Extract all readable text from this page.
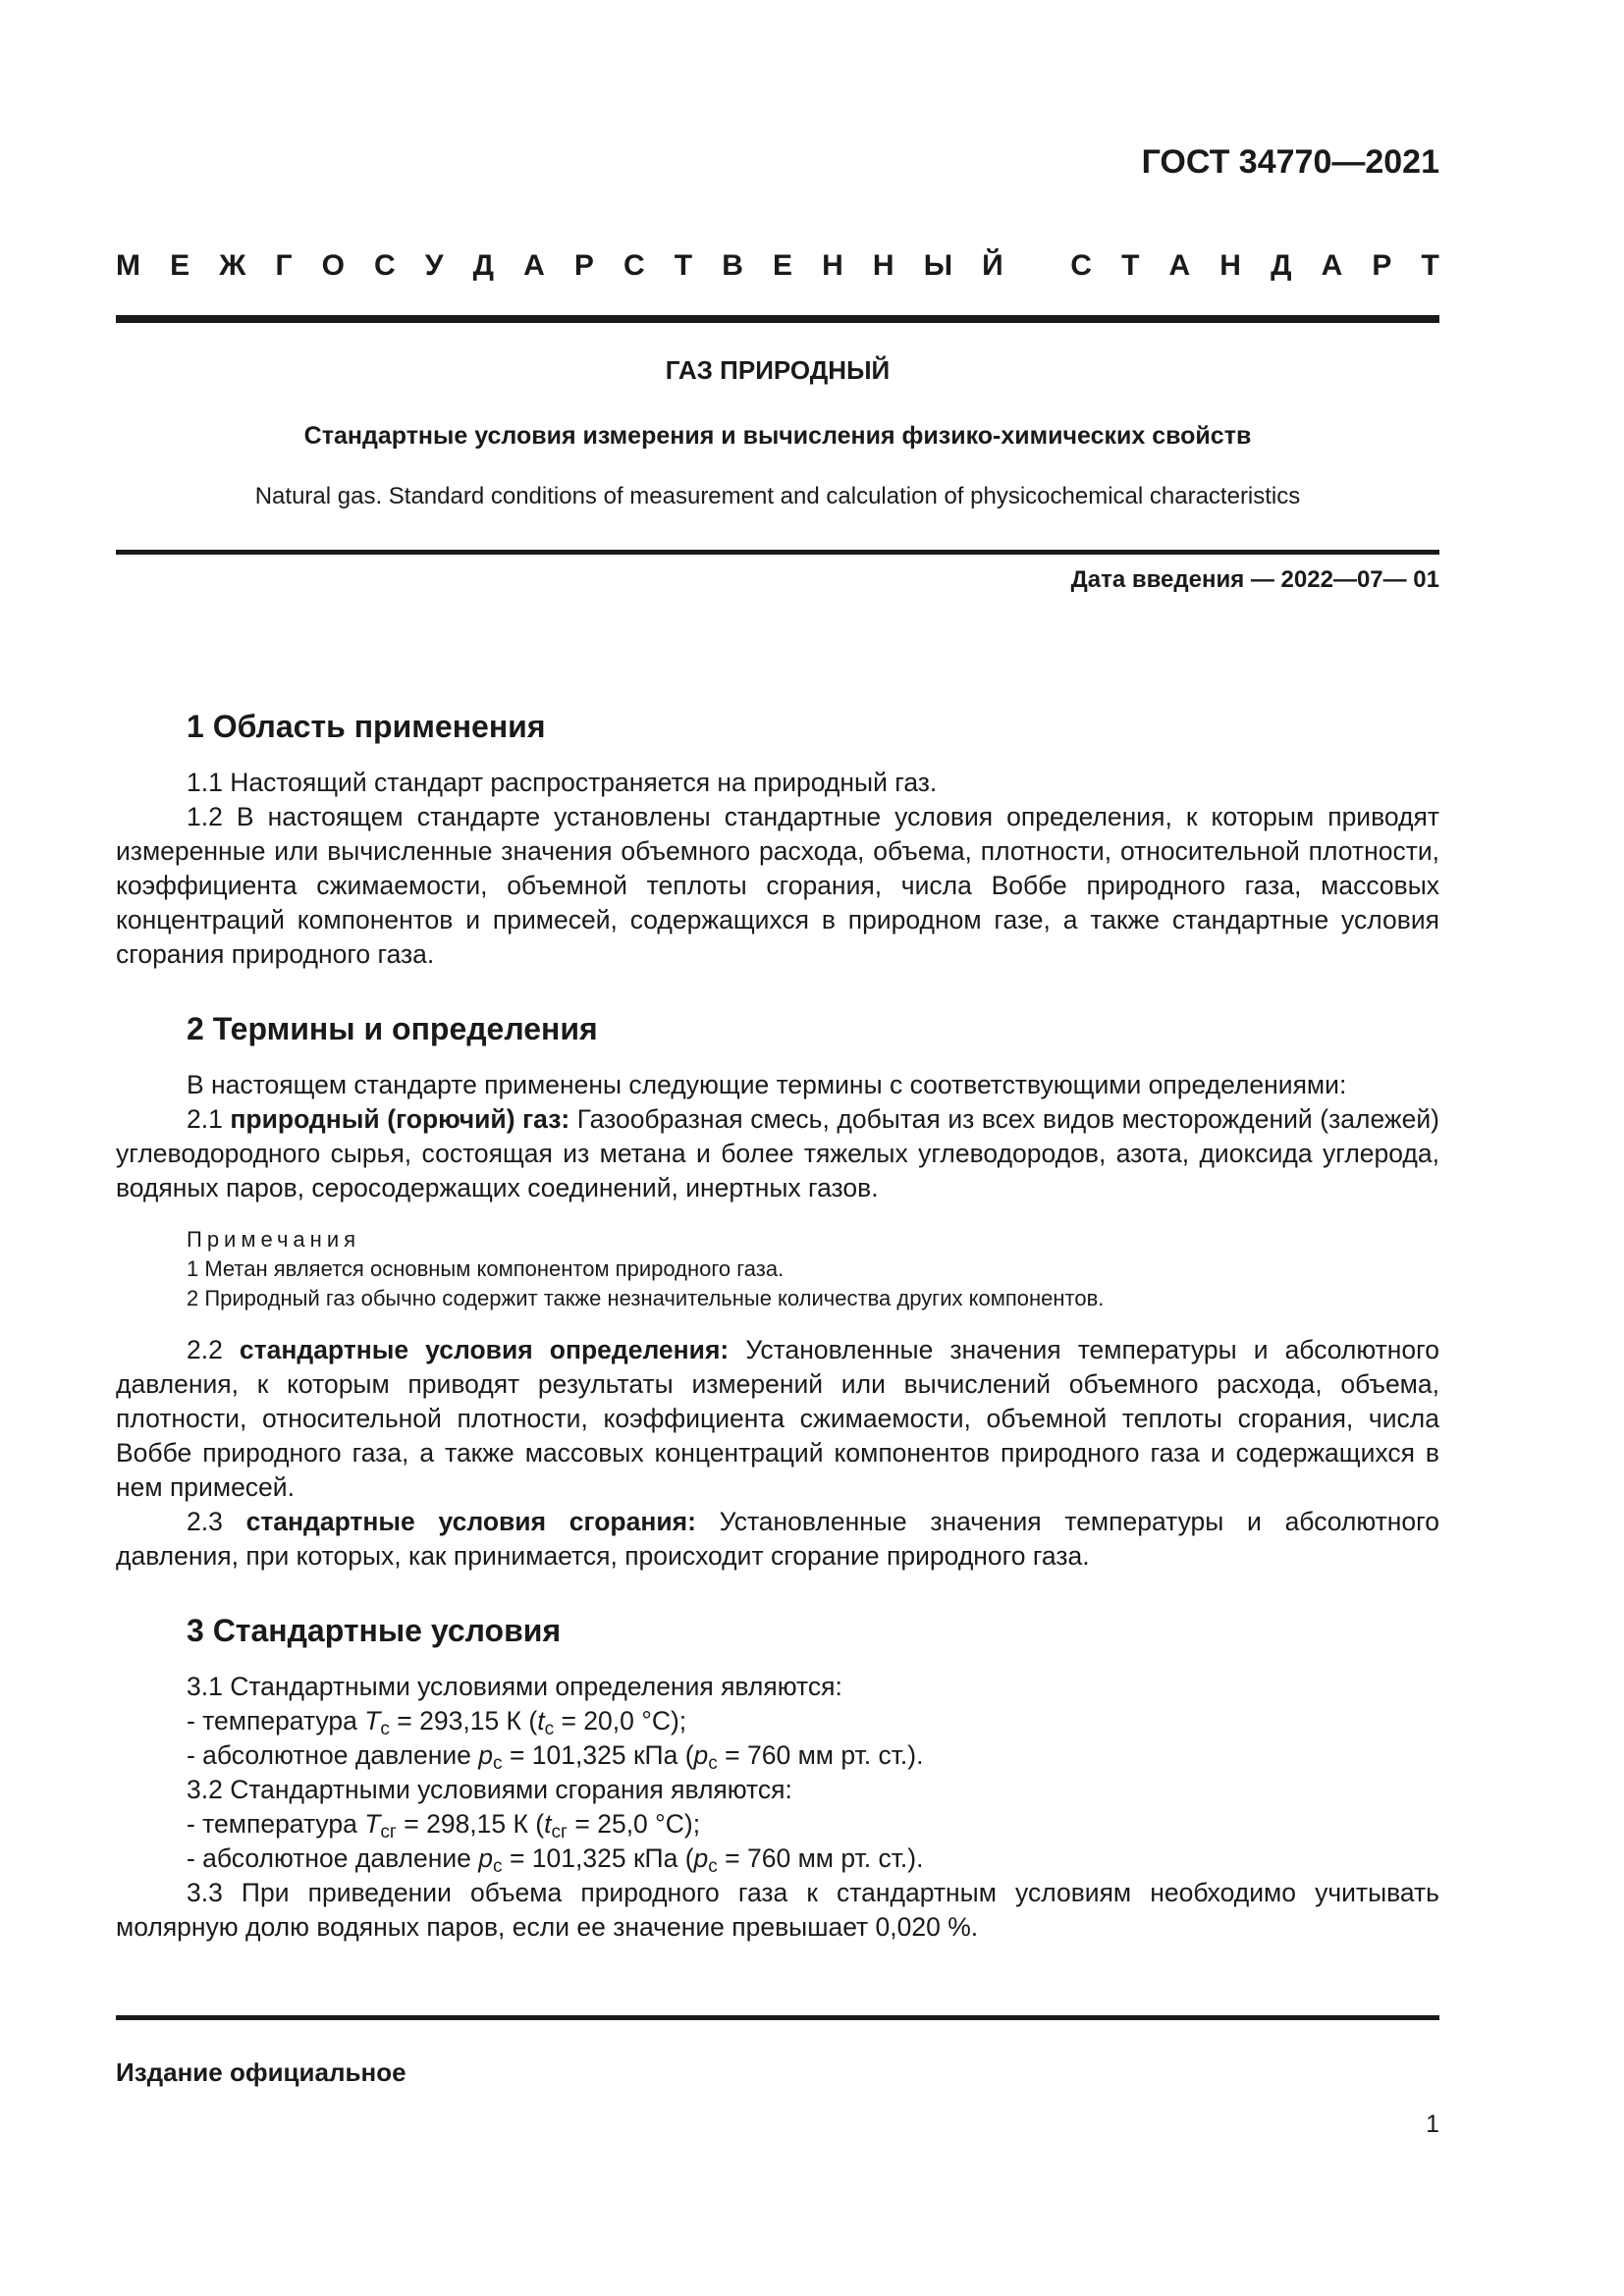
ГОСТ 34770—2021
М Е Ж Г О С У Д А Р С Т В Е Н Н Ы Й
С Т А Н Д А Р Т
ГАЗ ПРИРОДНЫЙ
Стандартные условия измерения и вычисления физико-химических свойств
Natural gas. Standard conditions of measurement and calculation of physicochemical characteristics
Дата введения — 2022—07— 01
1 Область применения

1.1 Настоящий стандарт распространяется на природный газ.

1.2 В настоящем стандарте установлены стандартные условия определения, к которым приводят измеренные или вычисленные значения объемного расхода, объема, плотности, относительной плотности, коэффициента сжимаемости, объемной теплоты сгорания, числа Воббе природного газа, массовых концентраций компонентов и примесей, содержащихся в природном газе, а также стандартные условия сгорания природного газа.

2 Термины и определения

В настоящем стандарте применены следующие термины с соответствующими определениями:

2.1 природный (горючий) газ: Газообразная смесь, добытая из всех видов месторождений (залежей) углеводородного сырья, состоящая из метана и более тяжелых углеводородов, азота, диоксида углерода, водяных паров, серосодержащих соединений, инертных газов.

Примечания
1 Метан является основным компонентом природного газа.
2 Природный газ обычно содержит также незначительные количества других компонентов.

2.2 стандартные условия определения: Установленные значения температуры и абсолютного давления, к которым приводят результаты измерений или вычислений объемного расхода, объема, плотности, относительной плотности, коэффициента сжимаемости, объемной теплоты сгорания, числа Воббе природного газа, а также массовых концентраций компонентов природного газа и содержащихся в нем примесей.

2.3 стандартные условия сгорания: Установленные значения температуры и абсолютного давления, при которых, как принимается, происходит сгорание природного газа.

3 Стандартные условия

3.1 Стандартными условиями определения являются:

- температура $T_с = 293,15$ К ($t_с = 20,0$ °С);
- абсолютное давление $p_с = 101,325$ кПа ($p_с = 760$ мм рт. ст.).

3.2 Стандартными условиями сгорания являются:

- температура $T_{сг} = 298,15$ К ($t_{сг} = 25,0$ °С);
- абсолютное давление $p_с = 101,325$ кПа ($p_с = 760$ мм рт. ст.).

3.3 При приведении объема природного газа к стандартным условиям необходимо учитывать молярную долю водяных паров, если ее значение превышает 0,020 %.

Издание официальное
1
